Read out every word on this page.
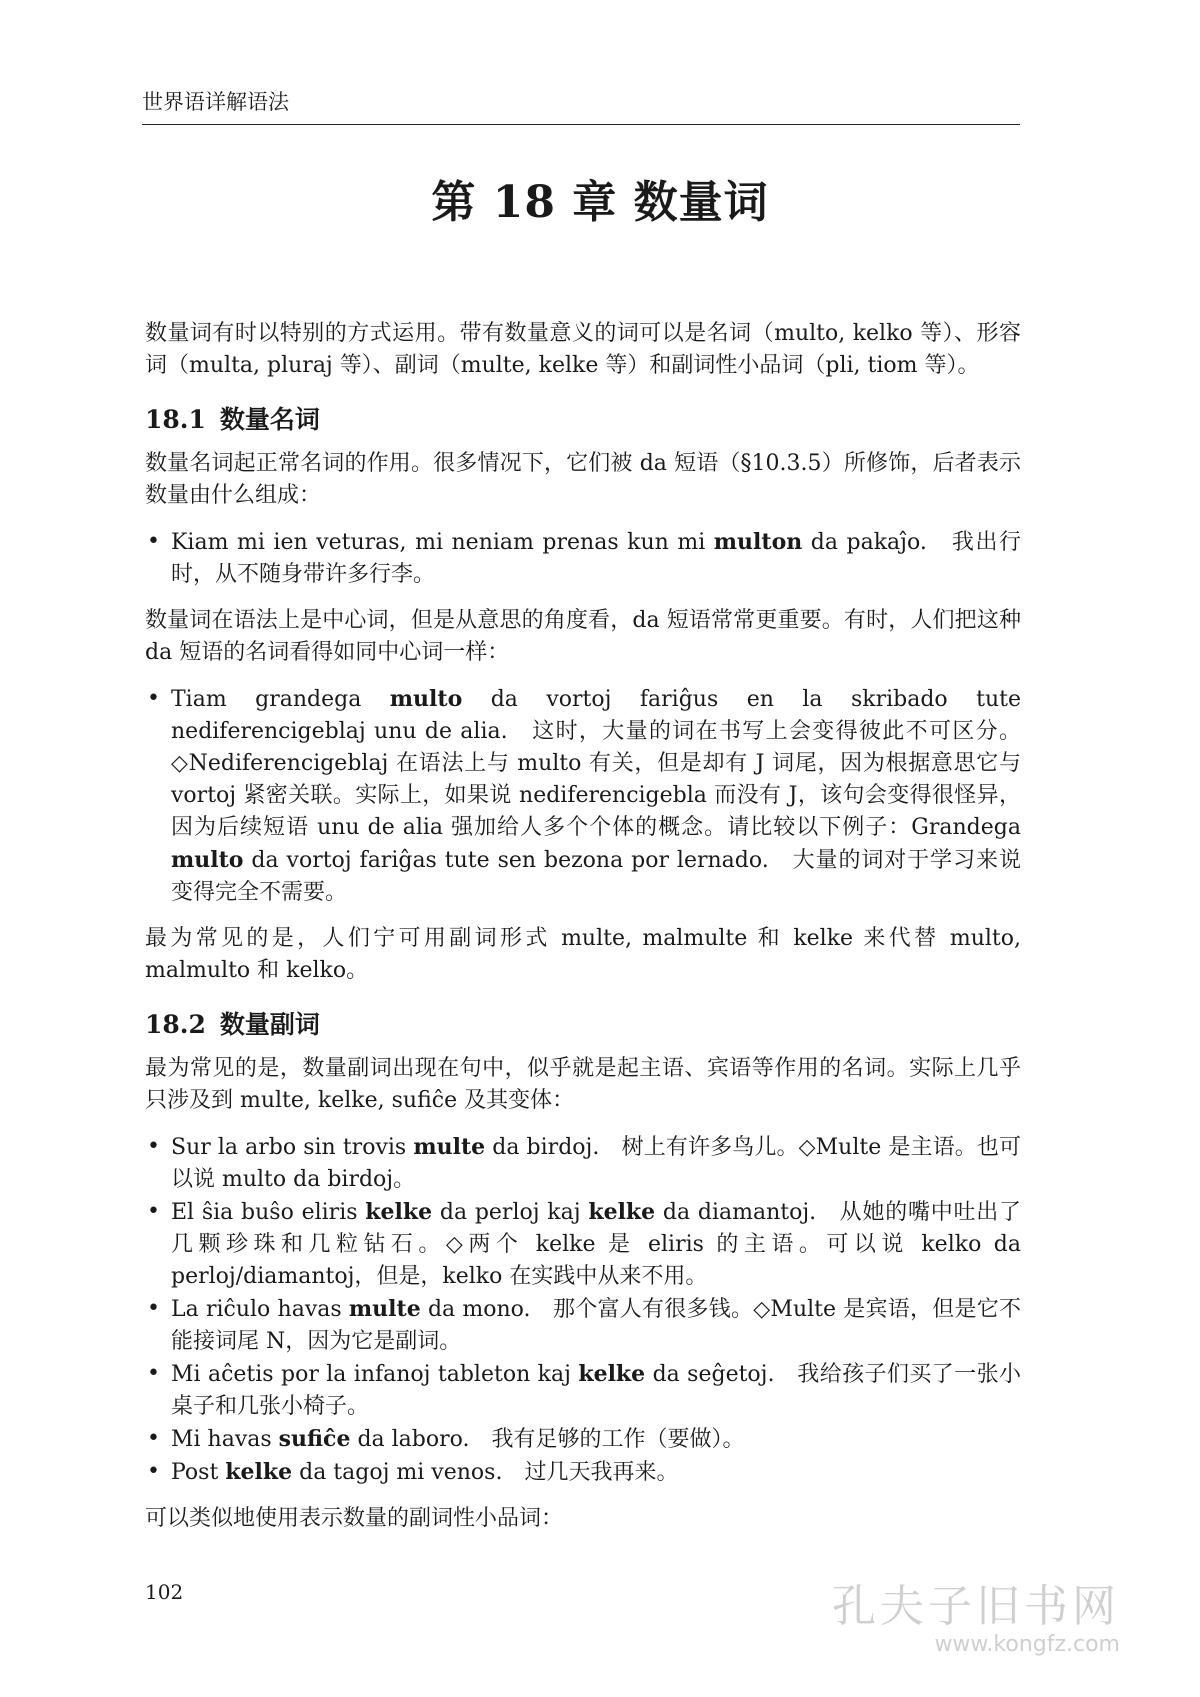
世界语详解语法
第 18 章 数量词

数量词有时以特别的方式运用。带有数量意义的词可以是名词（multo, kelko 等）、形容词（multa, pluraj 等）、副词（multe, kelke 等）和副词性小品词（pli, tiom 等）。

18.1 数量名词

数量名词起正常名词的作用。很多情况下，它们被 da 短语（§10.3.5）所修饰，后者表示数量由什么组成：

• Kiam mi ien veturas, mi neniam prenas kun mi multon da pakaĵo.　我出行时，从不随身带许多行李。

数量词在语法上是中心词，但是从意思的角度看，da 短语常常更重要。有时，人们把这种 da 短语的名词看得如同中心词一样：

• Tiam grandega multo da vortoj fariĝus en la skribado tute nediferencigeblaj unu de alia.　这时，大量的词在书写上会变得彼此不可区分。◇Nediferencigeblaj 在语法上与 multo 有关，但是却有 J 词尾，因为根据意思它与 vortoj 紧密关联。实际上，如果说 nediferencigebla 而没有 J，该句会变得很怪异，因为后续短语 unu de alia 强加给人多个个体的概念。请比较以下例子：Grandega multo da vortoj fariĝas tute sen bezona por lernado.　大量的词对于学习来说变得完全不需要。

最为常见的是，人们宁可用副词形式 multe, malmulte 和 kelke 来代替 multo, malmulto 和 kelko。

18.2 数量副词

最为常见的是，数量副词出现在句中，似乎就是起主语、宾语等作用的名词。实际上几乎只涉及到 multe, kelke, sufiĉe 及其变体：

• Sur la arbo sin trovis multe da birdoj.　树上有许多鸟儿。◇Multe 是主语。也可以说 multo da birdoj。
• El ŝia buŝo eliris kelke da perloj kaj kelke da diamantoj.　从她的嘴中吐出了几颗珍珠和几粒钻石。◇两个 kelke 是 eliris 的主语。可以说 kelko da perloj/diamantoj，但是，kelko 在实践中从来不用。
• La riĉulo havas multe da mono.　那个富人有很多钱。◇Multe 是宾语，但是它不能接词尾 N，因为它是副词。
• Mi aĉetis por la infanoj tableton kaj kelke da seĝetoj.　我给孩子们买了一张小桌子和几张小椅子。
• Mi havas sufiĉe da laboro.　我有足够的工作（要做）。
• Post kelke da tagoj mi venos.　过几天我再来。

可以类似地使用表示数量的副词性小品词：

102	孔夫子旧书网
www.kongfz.com
